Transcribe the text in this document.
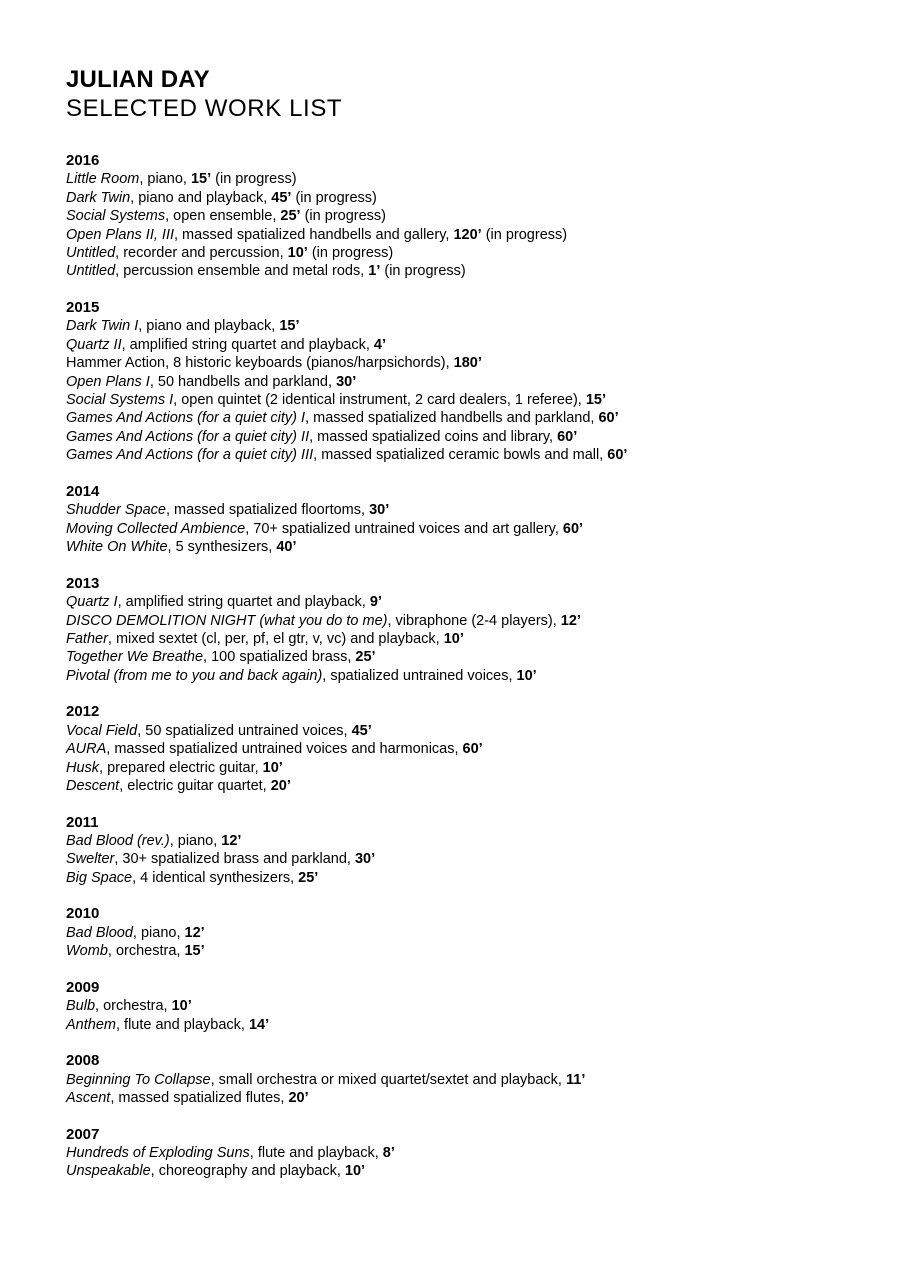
JULIAN DAY
SELECTED WORK LIST
2016
Little Room, piano, 15’ (in progress)
Dark Twin, piano and playback, 45’ (in progress)
Social Systems, open ensemble, 25’ (in progress)
Open Plans II, III, massed spatialized handbells and gallery, 120’ (in progress)
Untitled, recorder and percussion, 10’ (in progress)
Untitled, percussion ensemble and metal rods, 1’ (in progress)
2015
Dark Twin I, piano and playback, 15’
Quartz II, amplified string quartet and playback, 4’
Hammer Action, 8 historic keyboards (pianos/harpsichords), 180’
Open Plans I, 50 handbells and parkland, 30’
Social Systems I, open quintet (2 identical instrument, 2 card dealers, 1 referee), 15’
Games And Actions (for a quiet city) I, massed spatialized handbells and parkland, 60’
Games And Actions (for a quiet city) II, massed spatialized coins and library, 60’
Games And Actions (for a quiet city) III, massed spatialized ceramic bowls and mall, 60’
2014
Shudder Space, massed spatialized floortoms, 30’
Moving Collected Ambience, 70+ spatialized untrained voices and art gallery, 60’
White On White, 5 synthesizers, 40’
2013
Quartz I, amplified string quartet and playback, 9’
DISCO DEMOLITION NIGHT (what you do to me), vibraphone (2-4 players), 12’
Father, mixed sextet (cl, per, pf, el gtr, v, vc) and playback, 10’
Together We Breathe, 100 spatialized brass, 25’
Pivotal (from me to you and back again), spatialized untrained voices, 10’
2012
Vocal Field, 50 spatialized untrained voices, 45’
AURA, massed spatialized untrained voices and harmonicas, 60’
Husk, prepared electric guitar, 10’
Descent, electric guitar quartet, 20’
2011
Bad Blood (rev.), piano, 12’
Swelter, 30+ spatialized brass and parkland, 30’
Big Space, 4 identical synthesizers, 25’
2010
Bad Blood, piano, 12’
Womb, orchestra, 15’
2009
Bulb, orchestra, 10’
Anthem, flute and playback, 14’
2008
Beginning To Collapse, small orchestra or mixed quartet/sextet and playback, 11’
Ascent, massed spatialized flutes, 20’
2007
Hundreds of Exploding Suns, flute and playback, 8’
Unspeakable, choreography and playback, 10’
